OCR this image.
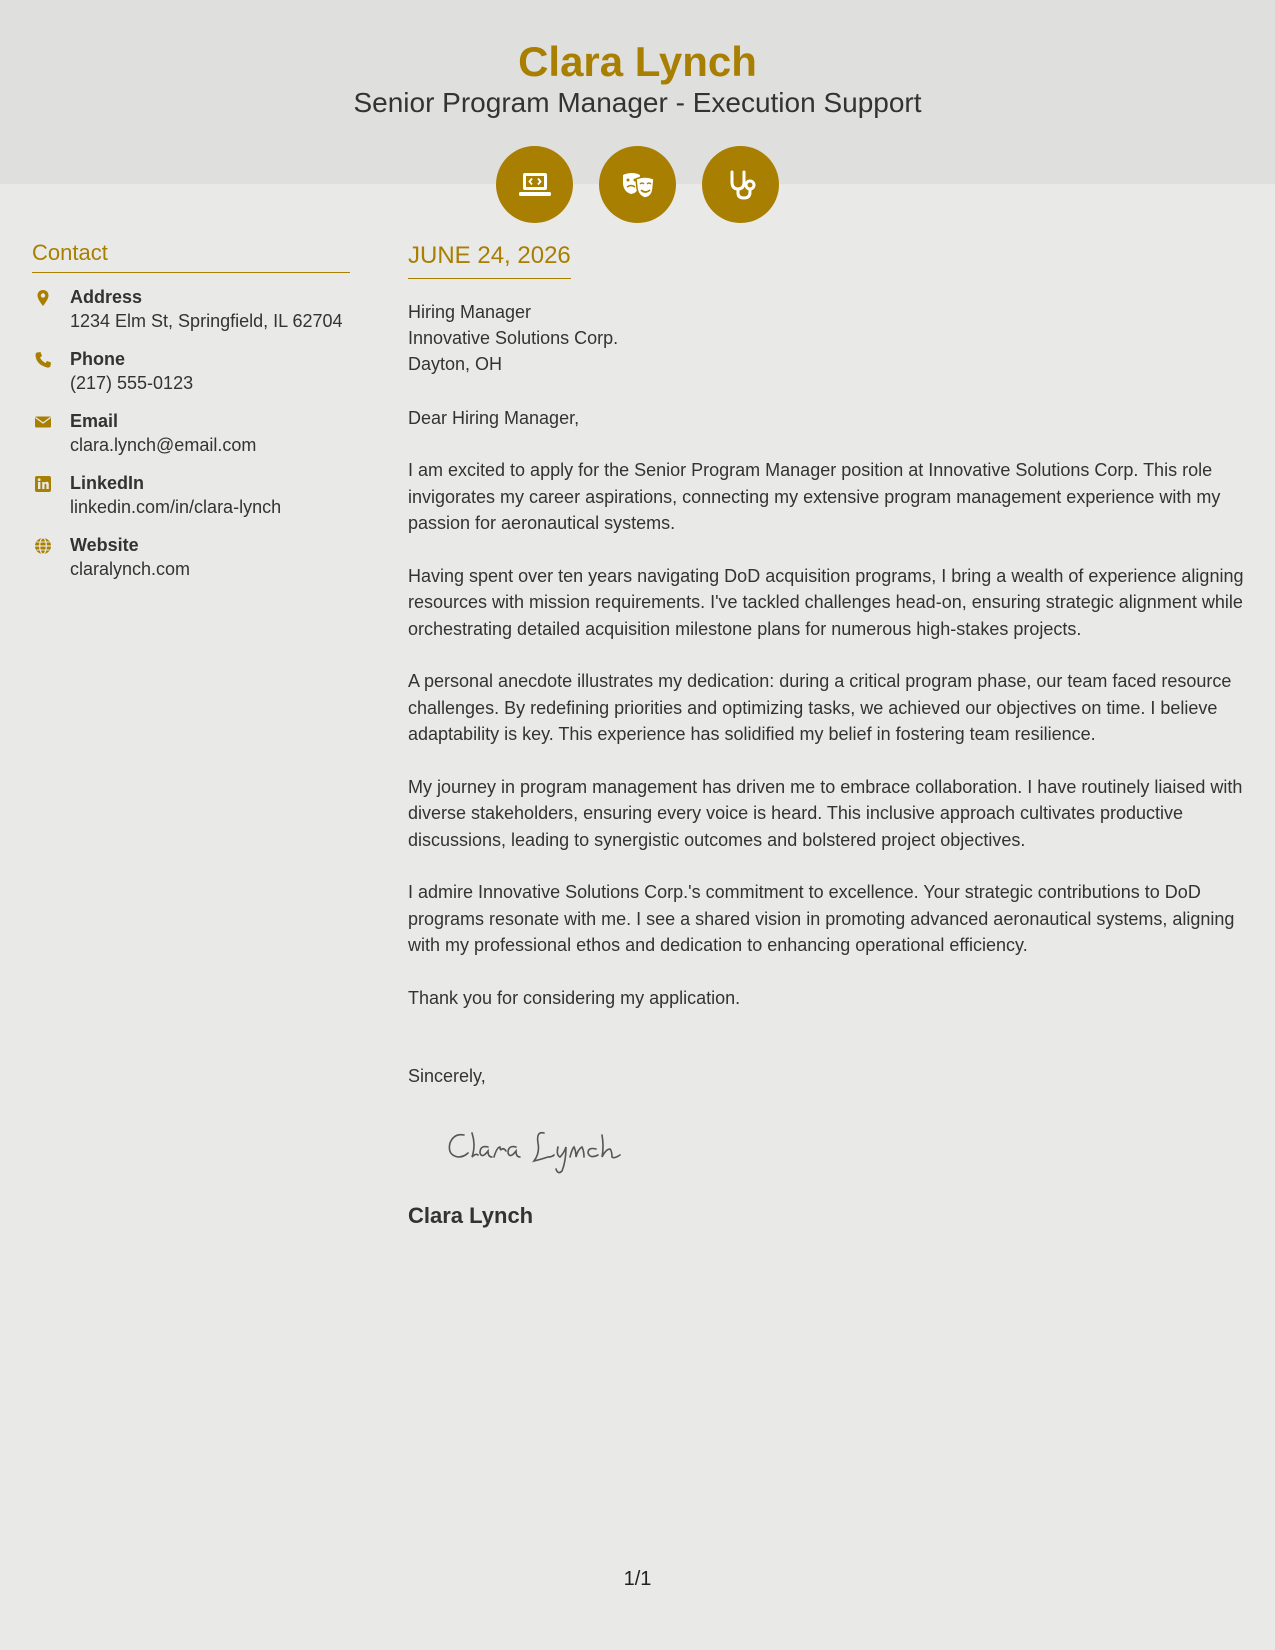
Clara Lynch
Senior Program Manager - Execution Support
Contact
Address
1234 Elm St, Springfield, IL 62704
Phone
(217) 555-0123
Email
clara.lynch@email.com
LinkedIn
linkedin.com/in/clara-lynch
Website
claralynch.com
JUNE 24, 2026
Hiring Manager
Innovative Solutions Corp.
Dayton, OH
Dear Hiring Manager,
I am excited to apply for the Senior Program Manager position at Innovative Solutions Corp. This role invigorates my career aspirations, connecting my extensive program management experience with my passion for aeronautical systems.
Having spent over ten years navigating DoD acquisition programs, I bring a wealth of experience aligning resources with mission requirements. I've tackled challenges head-on, ensuring strategic alignment while orchestrating detailed acquisition milestone plans for numerous high-stakes projects.
A personal anecdote illustrates my dedication: during a critical program phase, our team faced resource challenges. By redefining priorities and optimizing tasks, we achieved our objectives on time. I believe adaptability is key. This experience has solidified my belief in fostering team resilience.
My journey in program management has driven me to embrace collaboration. I have routinely liaised with diverse stakeholders, ensuring every voice is heard. This inclusive approach cultivates productive discussions, leading to synergistic outcomes and bolstered project objectives.
I admire Innovative Solutions Corp.'s commitment to excellence. Your strategic contributions to DoD programs resonate with me. I see a shared vision in promoting advanced aeronautical systems, aligning with my professional ethos and dedication to enhancing operational efficiency.
Thank you for considering my application.
Sincerely,
Clara Lynch
1/1
